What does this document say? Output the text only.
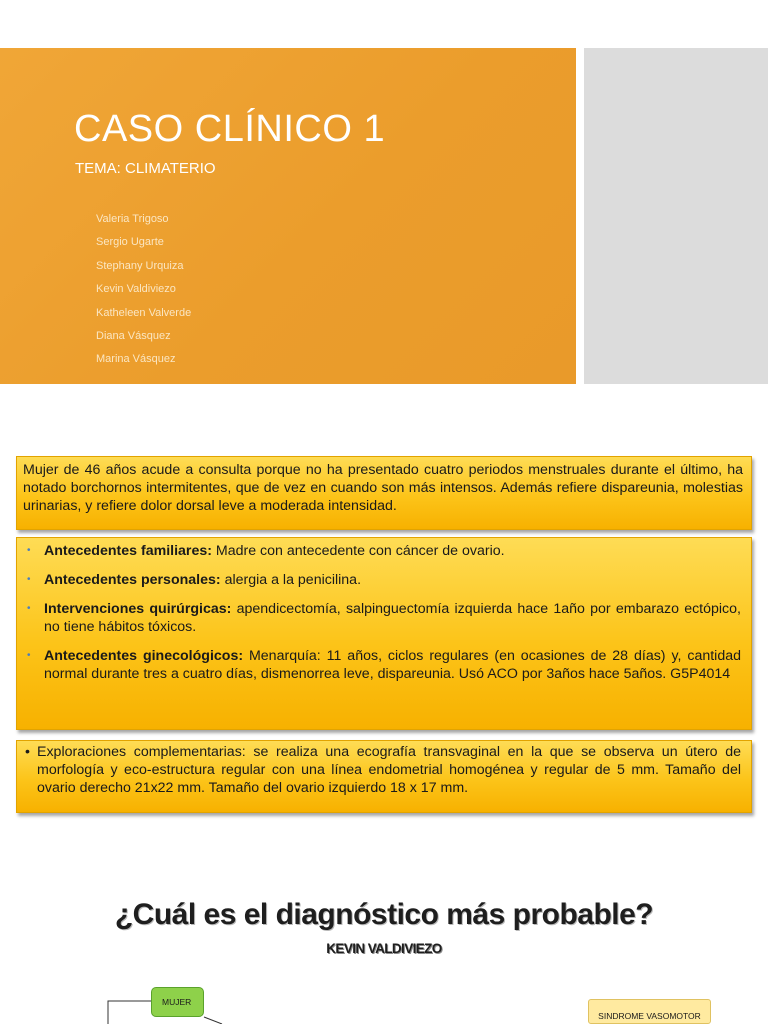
CASO CLÍNICO 1
TEMA: CLIMATERIO
Valeria Trigoso
Sergio Ugarte
Stephany Urquiza
Kevin Valdiviezo
Katheleen Valverde
Diana Vásquez
Marina Vásquez

Mujer de 46 años acude a consulta porque no ha presentado cuatro periodos menstruales durante el último, ha notado borchornos intermitentes, que de vez en cuando son más intensos. Además refiere dispareunia, molestias urinarias, y refiere dolor dorsal leve a moderada intensidad.

• Antecedentes familiares: Madre con antecedente con cáncer de ovario.
• Antecedentes personales: alergia a la penicilina.
• Intervenciones quirúrgicas: apendicectomía, salpinguectomía izquierda hace 1año por embarazo ectópico, no tiene hábitos tóxicos.
• Antecedentes ginecológicos: Menarquía: 11 años, ciclos regulares (en ocasiones de 28 días) y, cantidad normal durante tres a cuatro días, dismenorrea leve, dispareunia. Usó ACO por 3años hace 5años. G5P4014
• Exploraciones complementarias: se realiza una ecografía transvaginal en la que se observa un útero de morfología y eco-estructura regular con una línea endometrial homogénea y regular de 5 mm. Tamaño del ovario derecho 21x22 mm. Tamaño del ovario izquierdo 18 x 17 mm.

¿Cuál es el diagnóstico más probable?
KEVIN VALDIVIEZO
MUJER
SINDROME VASOMOTOR
